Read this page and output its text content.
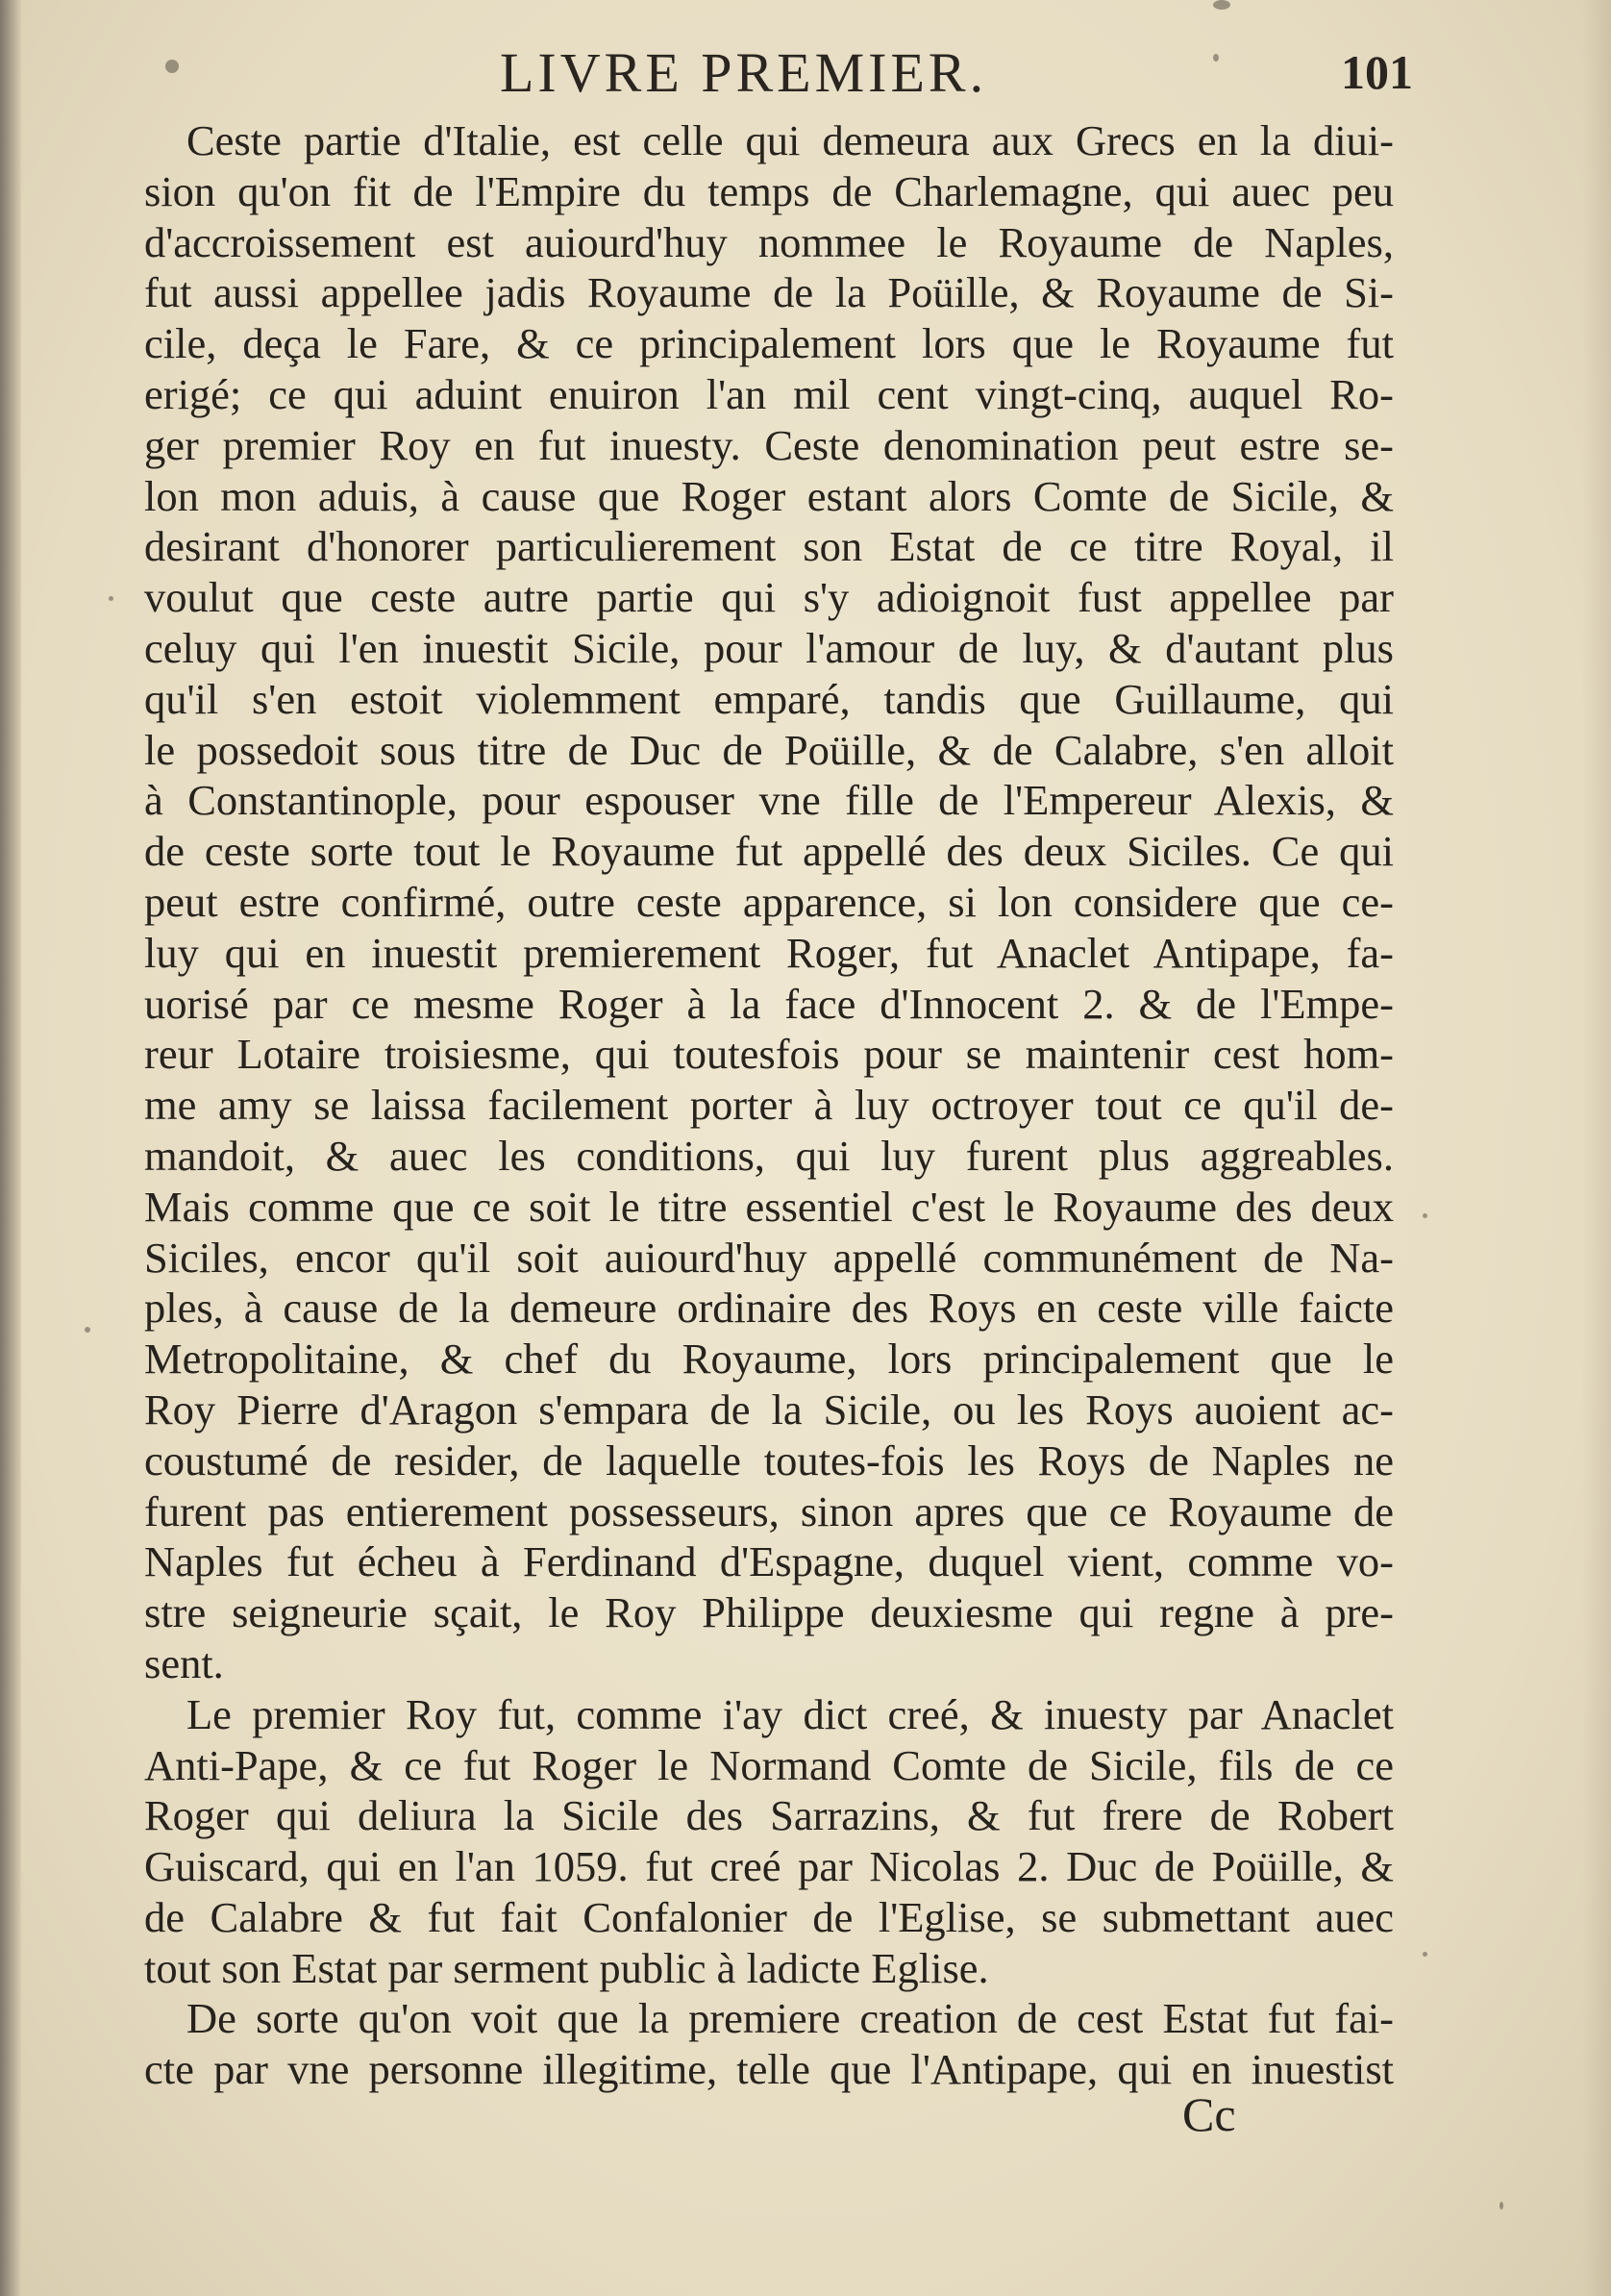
LIVRE PREMIER.	101
Ceste partie d'Italie, est celle qui demeura aux Grecs en la diui-
sion qu'on fit de l'Empire du temps de Charlemagne, qui auec peu
d'accroissement est auiourd'huy nommee le Royaume de Naples,
fut aussi appellee jadis Royaume de la Poüille, & Royaume de Si-
cile, deça le Fare, & ce principalement lors que le Royaume fut
erigé; ce qui aduint enuiron l'an mil cent vingt-cinq, auquel Ro-
ger premier Roy en fut inuesty. Ceste denomination peut estre se-
lon mon aduis, à cause que Roger estant alors Comte de Sicile, &
desirant d'honorer particulierement son Estat de ce titre Royal, il
voulut que ceste autre partie qui s'y adioignoit fust appellee par
celuy qui l'en inuestit Sicile, pour l'amour de luy, & d'autant plus
qu'il s'en estoit violemment emparé, tandis que Guillaume, qui
le possedoit sous titre de Duc de Poüille, & de Calabre, s'en alloit
à Constantinople, pour espouser vne fille de l'Empereur Alexis, &
de ceste sorte tout le Royaume fut appellé des deux Siciles. Ce qui
peut estre confirmé, outre ceste apparence, si lon considere que ce-
luy qui en inuestit premierement Roger, fut Anaclet Antipape, fa-
uorisé par ce mesme Roger à la face d'Innocent 2. & de l'Empe-
reur Lotaire troisiesme, qui toutesfois pour se maintenir cest hom-
me amy se laissa facilement porter à luy octroyer tout ce qu'il de-
mandoit, & auec les conditions, qui luy furent plus aggreables.
Mais comme que ce soit le titre essentiel c'est le Royaume des deux
Siciles, encor qu'il soit auiourd'huy appellé communément de Na-
ples, à cause de la demeure ordinaire des Roys en ceste ville faicte
Metropolitaine, & chef du Royaume, lors principalement que le
Roy Pierre d'Aragon s'empara de la Sicile, ou les Roys auoient ac-
coustumé de resider, de laquelle toutes-fois les Roys de Naples ne
furent pas entierement possesseurs, sinon apres que ce Royaume de
Naples fut écheu à Ferdinand d'Espagne, duquel vient, comme vo-
stre seigneurie sçait, le Roy Philippe deuxiesme qui regne à pre-
sent.
Le premier Roy fut, comme i'ay dict creé, & inuesty par Anaclet
Anti-Pape, & ce fut Roger le Normand Comte de Sicile, fils de ce
Roger qui deliura la Sicile des Sarrazins, & fut frere de Robert
Guiscard, qui en l'an 1059. fut creé par Nicolas 2. Duc de Poüille, &
de Calabre & fut fait Confalonier de l'Eglise, se submettant auec
tout son Estat par serment public à ladicte Eglise.
De sorte qu'on voit que la premiere creation de cest Estat fut fai-
cte par vne personne illegitime, telle que l'Antipape, qui en inuestist
Cc
